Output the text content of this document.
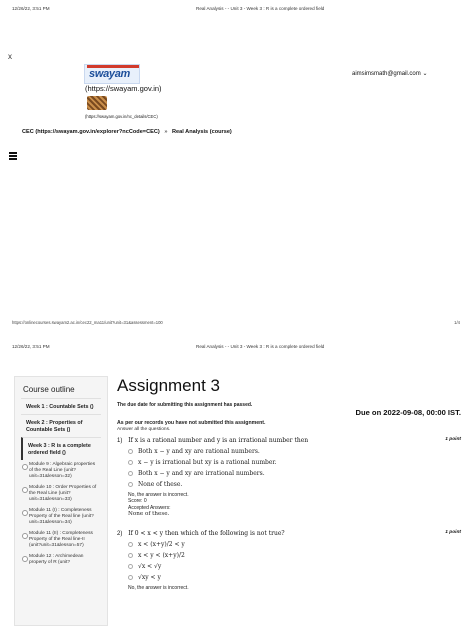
12/26/22, 3:51 PM	Real Analysis - - Unit 3 - Week 3 : R is a complete ordered field
x
swayam
(https://swayam.gov.in)
(https://swayam.gov.in/nc_details/CEC)
aimsimsmath@gmail.com ⌄
CEC (https://swayam.gov.in/explorer?ncCode=CEC) » Real Analysis (course)
https://onlinecourses.swayam2.ac.in/cec22_ma11/unit?unit=31&assessment=100	1/4
12/26/22, 3:51 PM	Real Analysis - - Unit 3 - Week 3 : R is a complete ordered field
Course outline
Week 1 : Countable Sets ()
Week 2 : Properties of Countable Sets ()
Week 3 : R is a complete ordered field ()
Module 9 : Algebraic properties of the Real Line (unit?unit=31&lesson=32)
Module 10 : Order Properties of the Real Line (unit?unit=31&lesson=33)
Module 11 (I) : Completeness Property of the Real line (unit?unit=31&lesson=34)
Module 11 (II) : Completeness Property of the Real line-II (unit?unit=31&lesson=57)
Module 12 : Archimedean property of R (unit?
Assignment 3
The due date for submitting this assignment has passed.
Due on 2022-09-08, 00:00 IST.
As per our records you have not submitted this assignment.
Answer all the questions.
1) If x is a rational number and y is an irrational number then	1 point
Both x − y and xy are rational numbers.
x − y is irrational but xy is a rational number.
Both x − y and xy are irrational numbers.
None of these.
No, the answer is incorrect.
Score: 0
Accepted Answers:
None of these.
2) If 0 < x < y then which of the following is not true?	1 point
x < (x+y)/2 < y
x < y < (x+y)/2
√x < √y
√xy < y
No, the answer is incorrect.
